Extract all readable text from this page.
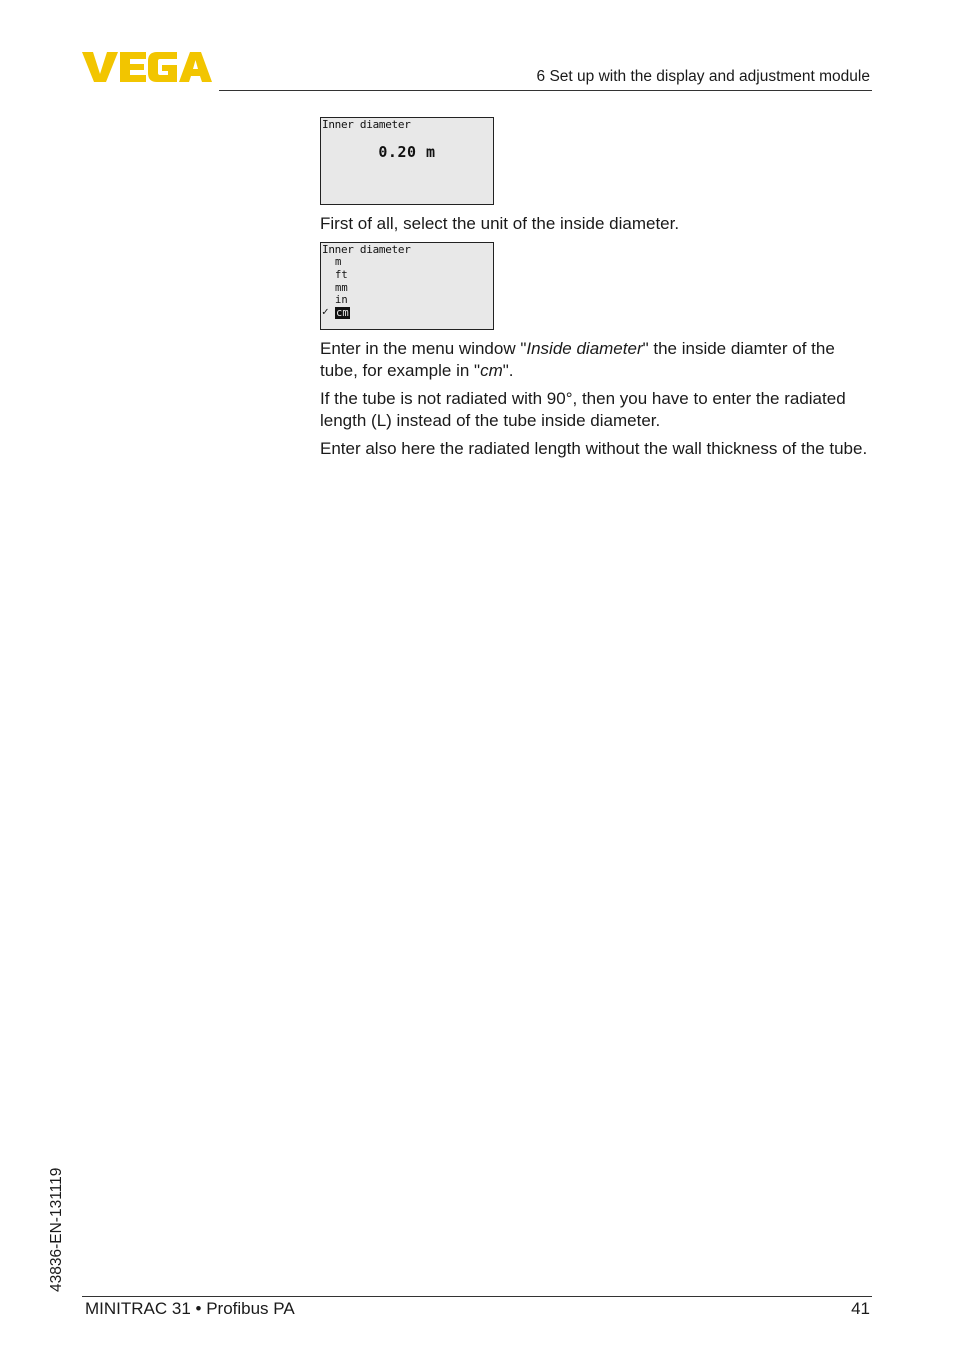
6 Set up with the display and adjustment module
Inner diameter
0.20 m
First of all, select the unit of the inside diameter.
Inner diameter
m
ft
mm
in
✓ cm
Enter in the menu window "Inside diameter" the inside diamter of the tube, for example in "cm".
If the tube is not radiated with 90°, then you have to enter the radiated length (L) instead of the tube inside diameter.
Enter also here the radiated length without the wall thickness of the tube.
43836-EN-131119
MINITRAC 31 • Profibus PA	41
